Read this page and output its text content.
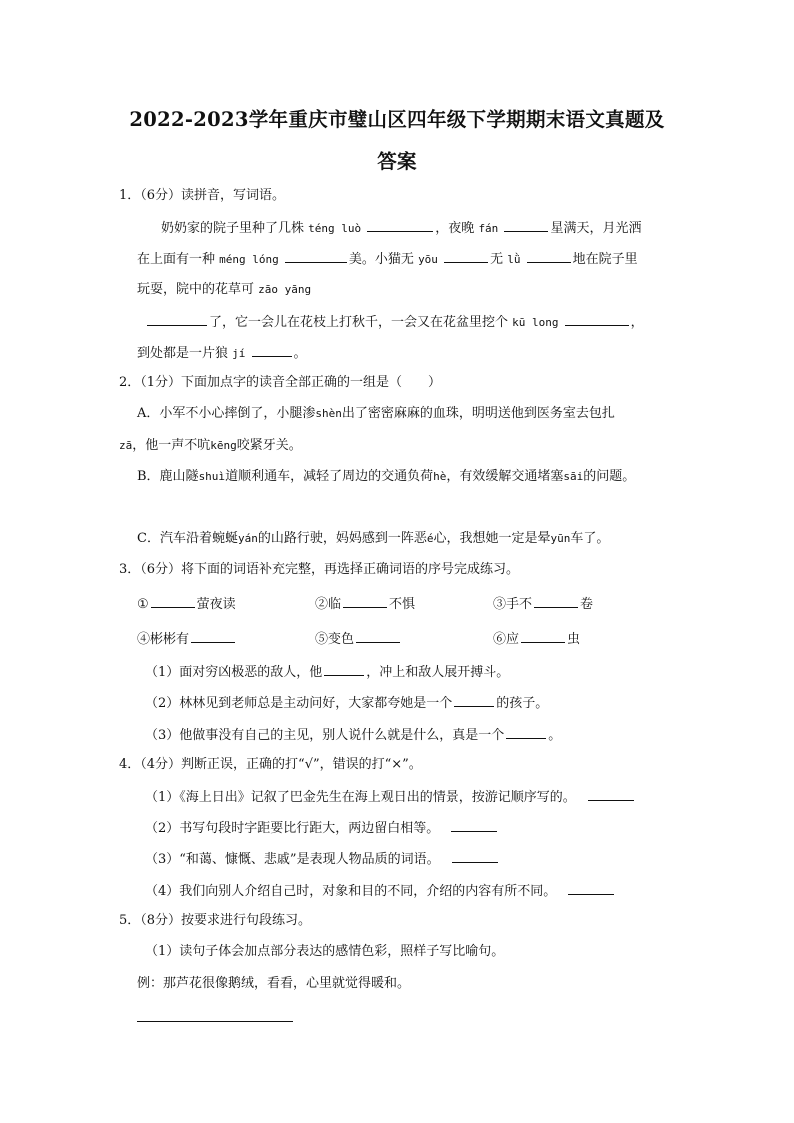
2022-2023学年重庆市璧山区四年级下学期期末语文真题及
答案
1．（6分）读拼音，写词语。
奶奶家的院子里种了几株 téng luò	，夜晚 fán	星满天，月光洒
在上面有一种 méng lóng	美。小猫无 yōu	无 lǜ	地在院子里
玩耍，院中的花草可 zāo yāng
了，它一会儿在花枝上打秋千，一会又在花盆里挖个 kū long	，
到处都是一片狼 jí	。
2．（1分）下面加点字的读音全部正确的一组是（　　）
A．小军不小心摔倒了，小腿渗shèn出了密密麻麻的血珠，明明送他到医务室去包扎
zā，他一声不吭kēng咬紧牙关。
B．鹿山隧shuì道顺利通车，减轻了周边的交通负荷hè，有效缓解交通堵塞sāi的问题。
C．汽车沿着蜿蜒yán的山路行驶，妈妈感到一阵恶é心，我想她一定是晕yūn车了。
3．（6分）将下面的词语补充完整，再选择正确词语的序号完成练习。
①	萤夜读	②临	不惧	③手不	卷
④彬彬有	⑤变色	⑥应	虫
（1）面对穷凶极恶的敌人，他	，冲上和敌人展开搏斗。
（2）林林见到老师总是主动问好，大家都夸她是一个	的孩子。
（3）他做事没有自己的主见，别人说什么就是什么，真是一个	。
4．（4分）判断正误，正确的打“√”，错误的打“×”。
（1）《海上日出》记叙了巴金先生在海上观日出的情景，按游记顺序写的。
（2）书写句段时字距要比行距大，两边留白相等。
（3）“和蔼、慷慨、悲戚”是表现人物品质的词语。
（4）我们向别人介绍自己时，对象和目的不同，介绍的内容有所不同。
5．（8分）按要求进行句段练习。
（1）读句子体会加点部分表达的感情色彩，照样子写比喻句。
例：那芦花很像鹅绒，看看，心里就觉得暖和。
